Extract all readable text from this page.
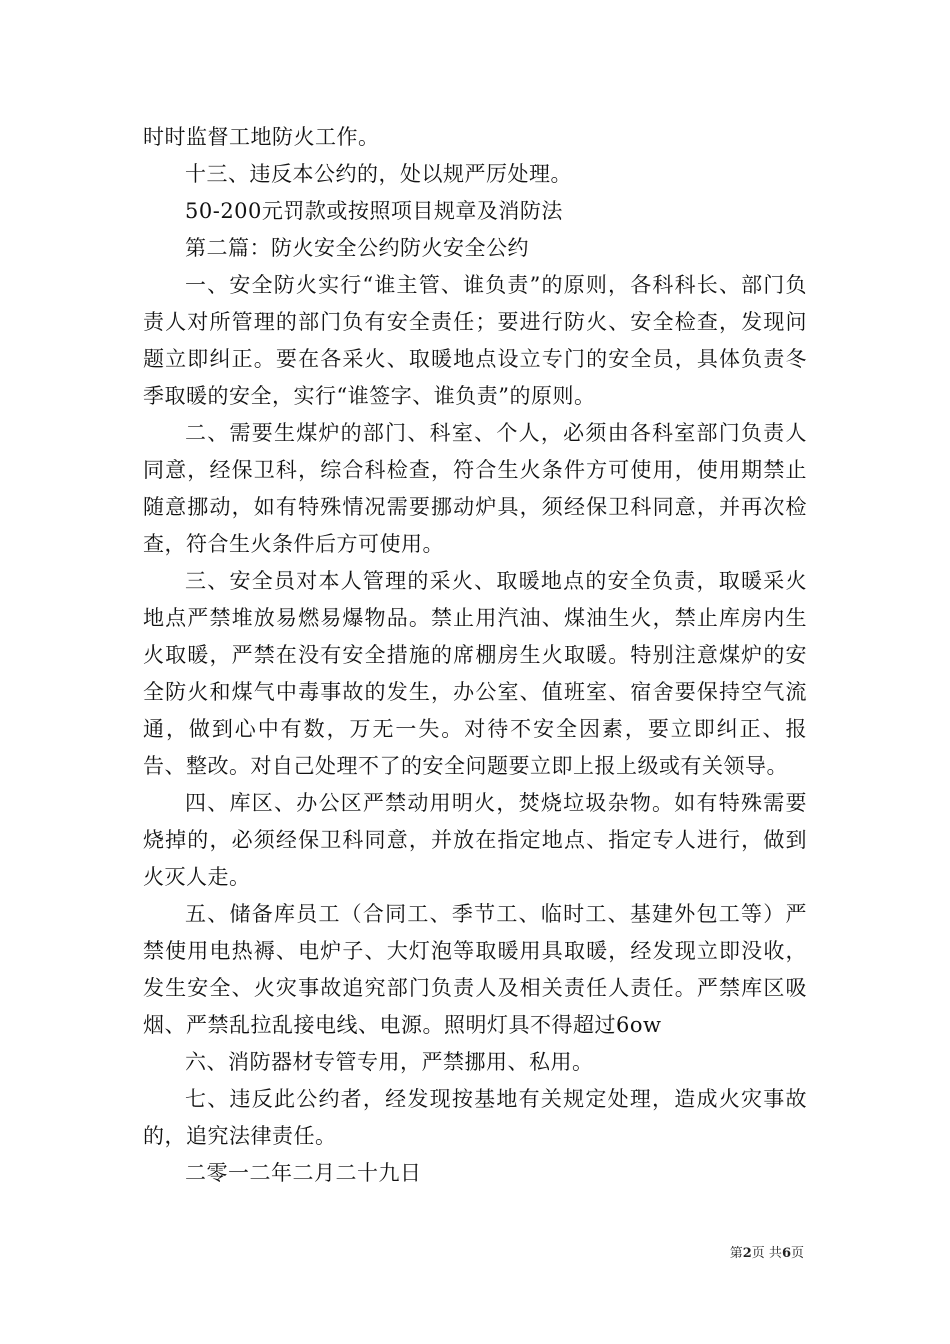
时时监督工地防火工作。

十三、违反本公约的，处以规严厉处理。

50-200元罚款或按照项目规章及消防法

第二篇：防火安全公约防火安全公约

一、安全防火实行“谁主管、谁负责”的原则，各科科长、部门负责人对所管理的部门负有安全责任；要进行防火、安全检查，发现问题立即纠正。要在各采火、取暖地点设立专门的安全员，具体负责冬季取暖的安全，实行“谁签字、谁负责”的原则。

二、需要生煤炉的部门、科室、个人，必须由各科室部门负责人同意，经保卫科，综合科检查，符合生火条件方可使用，使用期禁止随意挪动，如有特殊情况需要挪动炉具，须经保卫科同意，并再次检查，符合生火条件后方可使用。

三、安全员对本人管理的采火、取暖地点的安全负责，取暖采火地点严禁堆放易燃易爆物品。禁止用汽油、煤油生火，禁止库房内生火取暖，严禁在没有安全措施的席棚房生火取暖。特别注意煤炉的安全防火和煤气中毒事故的发生，办公室、值班室、宿舍要保持空气流通，做到心中有数，万无一失。对待不安全因素，要立即纠正、报告、整改。对自己处理不了的安全问题要立即上报上级或有关领导。

四、库区、办公区严禁动用明火，焚烧垃圾杂物。如有特殊需要烧掉的，必须经保卫科同意，并放在指定地点、指定专人进行，做到火灭人走。

五、储备库员工（合同工、季节工、临时工、基建外包工等）严禁使用电热褥、电炉子、大灯泡等取暖用具取暖，经发现立即没收，发生安全、火灾事故追究部门负责人及相关责任人责任。严禁库区吸烟、严禁乱拉乱接电线、电源。照明灯具不得超过6ow

六、消防器材专管专用，严禁挪用、私用。

七、违反此公约者，经发现按基地有关规定处理，造成火灾事故的，追究法律责任。

二零一二年二月二十九日

第2页 共6页
